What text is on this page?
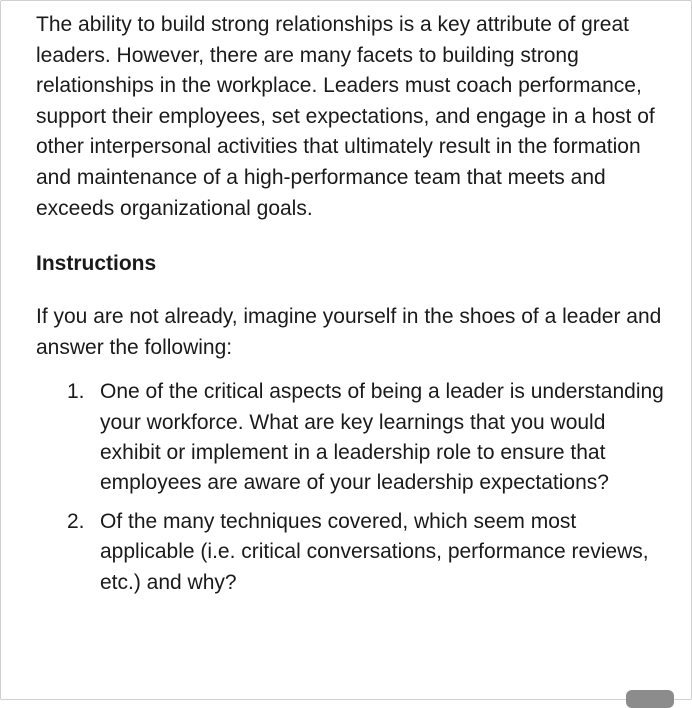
The ability to build strong relationships is a key attribute of great leaders. However, there are many facets to building strong relationships in the workplace. Leaders must coach performance, support their employees, set expectations, and engage in a host of other interpersonal activities that ultimately result in the formation and maintenance of a high-performance team that meets and exceeds organizational goals.

Instructions

If you are not already, imagine yourself in the shoes of a leader and answer the following:

1. One of the critical aspects of being a leader is understanding your workforce. What are key learnings that you would exhibit or implement in a leadership role to ensure that employees are aware of your leadership expectations?
2. Of the many techniques covered, which seem most applicable (i.e. critical conversations, performance reviews, etc.) and why?
